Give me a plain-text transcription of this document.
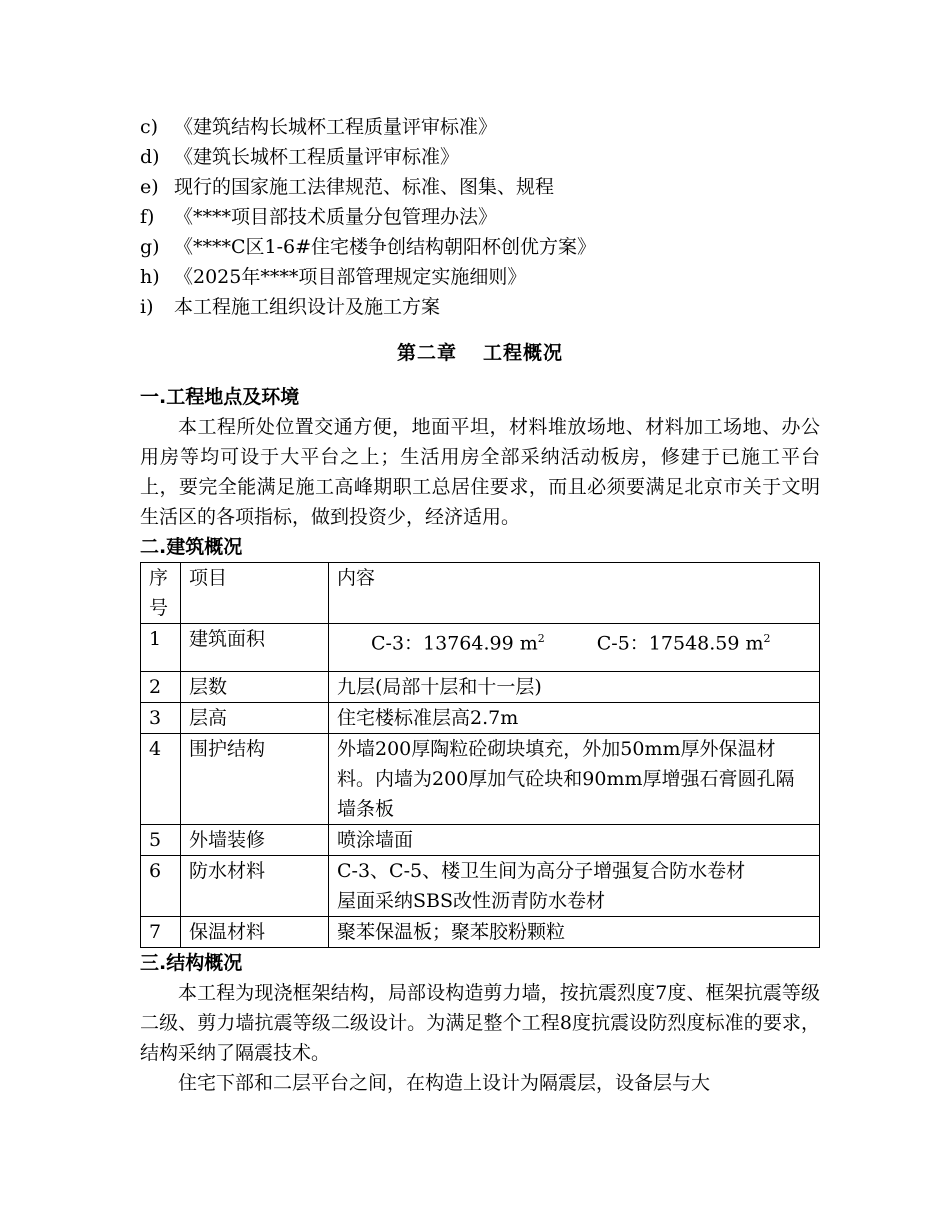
c) 《建筑结构长城杯工程质量评审标准》
d) 《建筑长城杯工程质量评审标准》
e) 现行的国家施工法律规范、标准、图集、规程
f) 《****项目部技术质量分包管理办法》
g) 《****C区1-6#住宅楼争创结构朝阳杯创优方案》
h) 《2025年****项目部管理规定实施细则》
i) 本工程施工组织设计及施工方案
第二章 工程概况
一.工程地点及环境

本工程所处位置交通方便，地面平坦，材料堆放场地、材料加工场地、办公用房等均可设于大平台之上；生活用房全部采纳活动板房，修建于已施工平台上，要完全能满足施工高峰期职工总居住要求，而且必须要满足北京市关于文明生活区的各项指标，做到投资少，经济适用。

二.建筑概况
序号	项目	内容
1	建筑面积	C-3：13764.99 $m^2$ C-5：17548.59 $m^2$

2	层数	九层(局部十层和十一层)
3	层高	住宅楼标准层高2.7m
4	围护结构	外墙200厚陶粒砼砌块填充，外加50mm厚外保温材料。内墙为200厚加气砼块和90mm厚增强石膏圆孔隔墙条板
5	外墙装修	喷涂墙面
6	防水材料	C-3、C-5、楼卫生间为高分子增强复合防水卷材
屋面采纳SBS改性沥青防水卷材

7	保温材料	聚苯保温板；聚苯胶粉颗粒
三.结构概况

本工程为现浇框架结构，局部设构造剪力墙，按抗震烈度7度、框架抗震等级二级、剪力墙抗震等级二级设计。为满足整个工程8度抗震设防烈度标准的要求，结构采纳了隔震技术。

住宅下部和二层平台之间，在构造上设计为隔震层，设备层与大
